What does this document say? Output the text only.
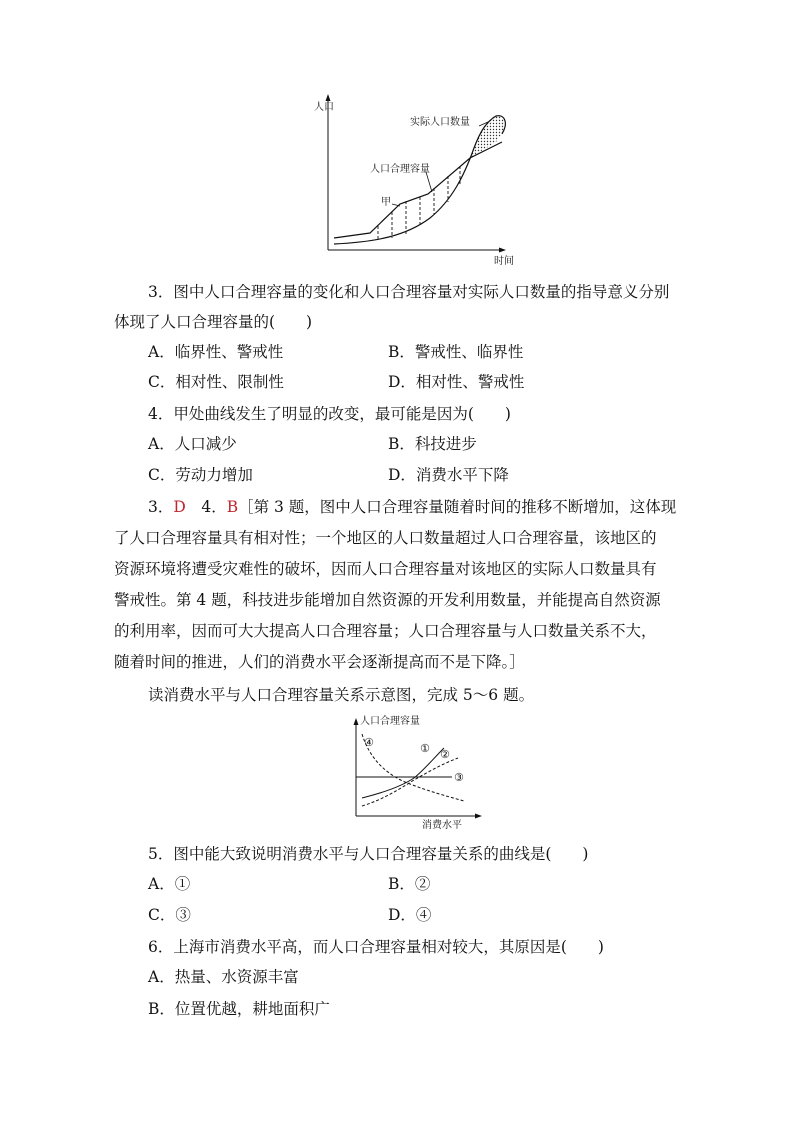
人口
时间
实际人口数量
人口合理容量
甲
3．图中人口合理容量的变化和人口合理容量对实际人口数量的指导意义分别
体现了人口合理容量的(　　)
A．临界性、警戒性	B．警戒性、临界性
C．相对性、限制性	D．相对性、警戒性
4．甲处曲线发生了明显的改变，最可能是因为(　　)
A．人口减少	B．科技进步
C．劳动力增加	D．消费水平下降
3．D　 4．B［第 3 题，图中人口合理容量随着时间的推移不断增加，这体现
了人口合理容量具有相对性；一个地区的人口数量超过人口合理容量，该地区的
资源环境将遭受灾难性的破坏，因而人口合理容量对该地区的实际人口数量具有
警戒性。第 4 题，科技进步能增加自然资源的开发利用数量，并能提高自然资源
的利用率，因而可大大提高人口合理容量；人口合理容量与人口数量关系不大，
随着时间的推进，人们的消费水平会逐渐提高而不是下降。］
读消费水平与人口合理容量关系示意图，完成 5～6 题。
人口合理容量
消费水平
④	① ②
③
5．图中能大致说明消费水平与人口合理容量关系的曲线是(　　)
A．①	B．②
C．③	D．④
6．上海市消费水平高，而人口合理容量相对较大，其原因是(　　)
A．热量、水资源丰富
B．位置优越，耕地面积广
